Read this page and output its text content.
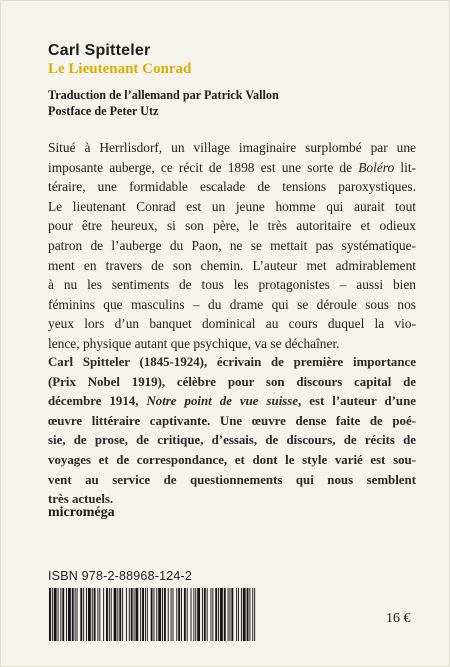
Carl Spitteler
Le Lieutenant Conrad
Traduction de l’allemand par Patrick Vallon
Postface de Peter Utz
Situé à Herrlisdorf, un village imaginaire surplombé par une
imposante auberge, ce récit de 1898 est une sorte de Boléro lit-
téraire, une formidable escalade de tensions paroxystiques.
Le lieutenant Conrad est un jeune homme qui aurait tout
pour être heureux, si son père, le très autoritaire et odieux
patron de l’auberge du Paon, ne se mettait pas systématique-
ment en travers de son chemin. L’auteur met admirablement
à nu les sentiments de tous les protagonistes – aussi bien
féminins que masculins – du drame qui se déroule sous nos
yeux lors d’un banquet dominical au cours duquel la vio-
lence, physique autant que psychique, va se déchaîner.
Carl Spitteler (1845-1924), écrivain de première importance
(Prix Nobel 1919), célèbre pour son discours capital de
décembre 1914, Notre point de vue suisse, est l’auteur d’une
œuvre littéraire captivante. Une œuvre dense faite de poé-
sie, de prose, de critique, d’essais, de discours, de récits de
voyages et de correspondance, et dont le style varié est sou-
vent au service de questionnements qui nous semblent
très actuels.
microméga
ISBN 978-2-88968-124-2
16 €
